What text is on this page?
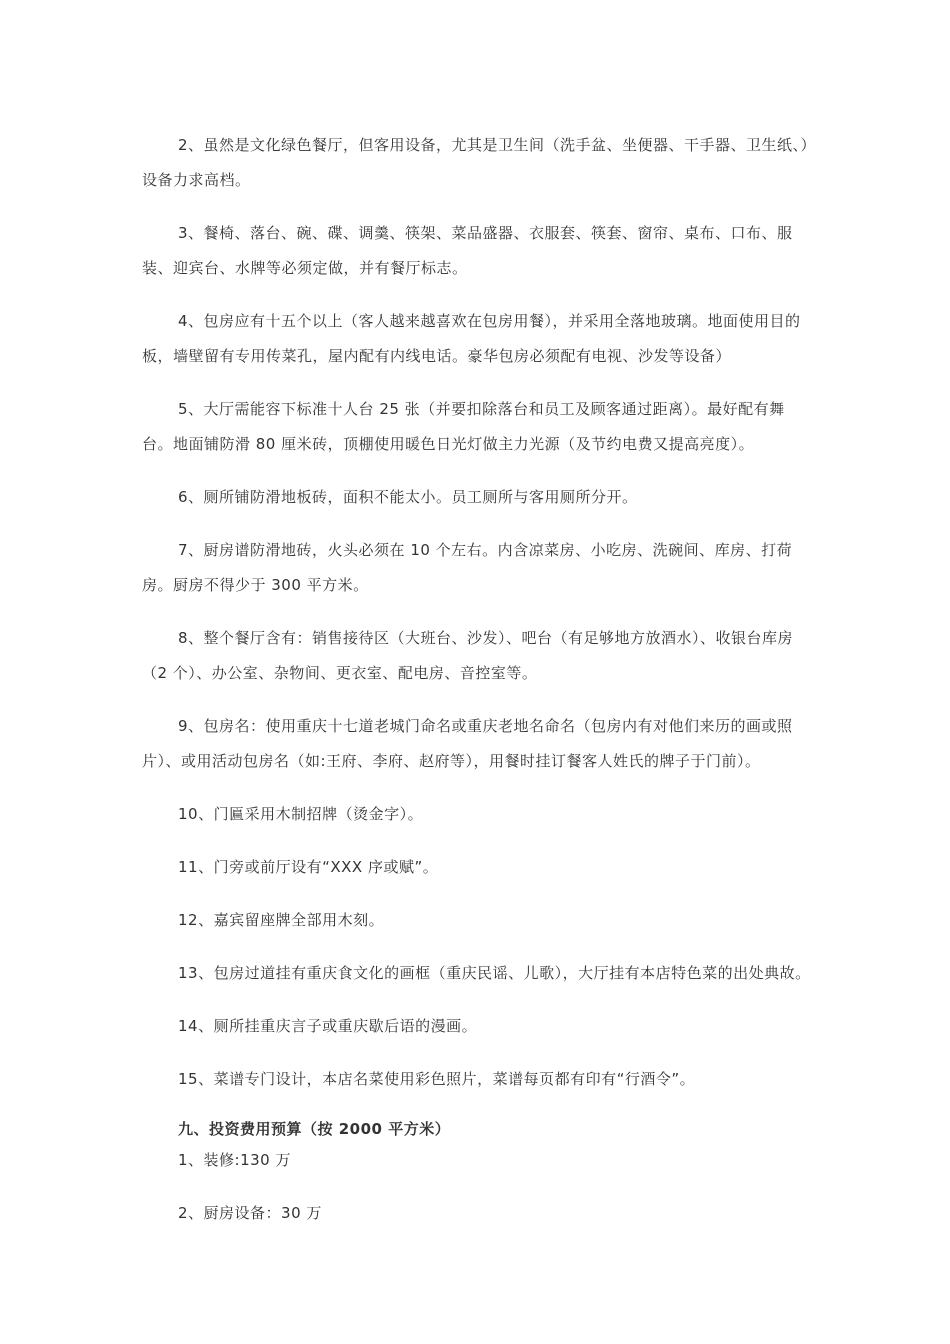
2、虽然是文化绿色餐厅，但客用设备，尤其是卫生间（洗手盆、坐便器、干手器、卫生纸、）设备力求高档。

3、餐椅、落台、碗、碟、调羹、筷架、菜品盛器、衣服套、筷套、窗帘、桌布、口布、服装、迎宾台、水牌等必须定做，并有餐厅标志。

4、包房应有十五个以上（客人越来越喜欢在包房用餐），并采用全落地玻璃。地面使用目的板，墙壁留有专用传菜孔，屋内配有内线电话。豪华包房必须配有电视、沙发等设备）

5、大厅需能容下标准十人台 25 张（并要扣除落台和员工及顾客通过距离）。最好配有舞台。地面铺防滑 80 厘米砖，顶棚使用暖色日光灯做主力光源（及节约电费又提高亮度）。

6、厕所铺防滑地板砖，面积不能太小。员工厕所与客用厕所分开。

7、厨房谱防滑地砖，火头必须在 10 个左右。内含凉菜房、小吃房、洗碗间、库房、打荷房。厨房不得少于 300 平方米。

8、整个餐厅含有：销售接待区（大班台、沙发）、吧台（有足够地方放酒水）、收银台库房（2 个）、办公室、杂物间、更衣室、配电房、音控室等。

9、包房名：使用重庆十七道老城门命名或重庆老地名命名（包房内有对他们来历的画或照片）、或用活动包房名（如:王府、李府、赵府等），用餐时挂订餐客人姓氏的牌子于门前）。

10、门匾采用木制招牌（烫金字）。

11、门旁或前厅设有“XXX 序或赋”。

12、嘉宾留座牌全部用木刻。

13、包房过道挂有重庆食文化的画框（重庆民谣、儿歌），大厅挂有本店特色菜的出处典故。

14、厕所挂重庆言子或重庆歇后语的漫画。

15、菜谱专门设计，本店名菜使用彩色照片，菜谱每页都有印有“行酒令”。

九、投资费用预算（按 2000 平方米）

1、装修:130 万

2、厨房设备：30 万
